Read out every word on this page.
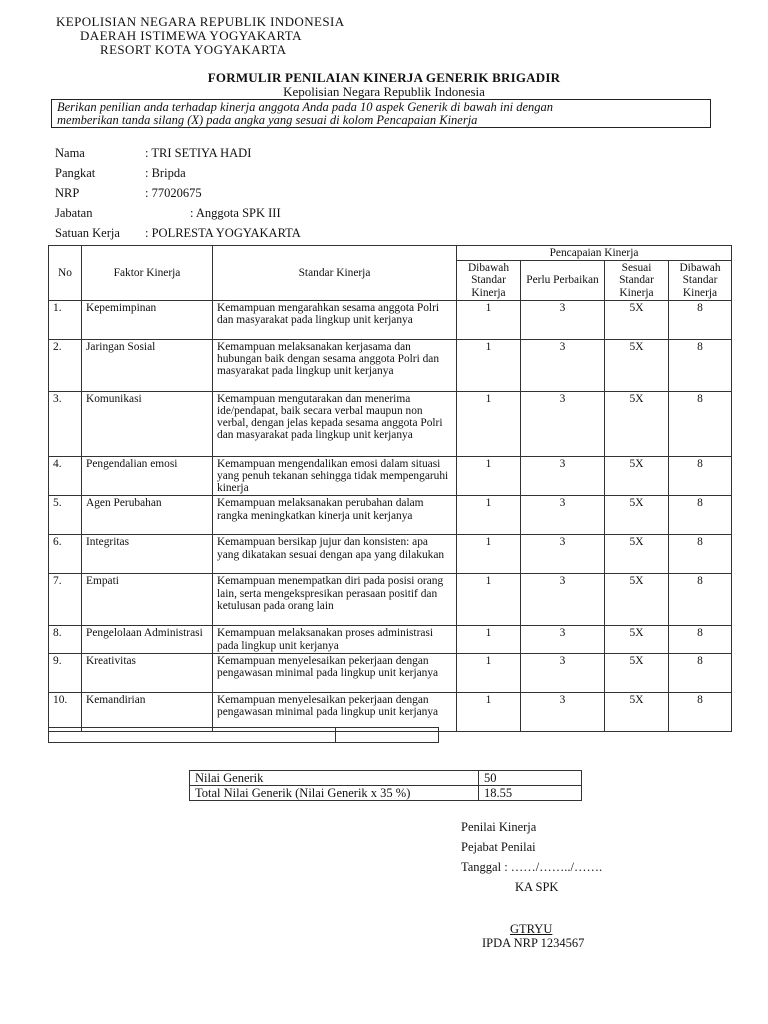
KEPOLISIAN NEGARA REPUBLIK INDONESIA
DAERAH ISTIMEWA YOGYAKARTA
RESORT KOTA YOGYAKARTA
FORMULIR PENILAIAN KINERJA GENERIK BRIGADIR
Kepolisian Negara Republik Indonesia
Berikan penilian anda terhadap kinerja anggota Anda pada 10 aspek Generik di bawah ini dengan
memberikan tanda silang (X) pada angka yang sesuai di kolom Pencapaian Kinerja
Nama	: TRI SETIYA HADI
Pangkat	: Bripda
NRP	: 77020675
Jabatan	: Anggota SPK III
Satuan Kerja : POLRESTA YOGYAKARTA
No	Faktor Kinerja	Standar Kinerja	Pencapaian Kinerja			
			Dibawah Standar Kinerja	Perlu Perbaikan	Sesuai Standar Kinerja	Dibawah Standar Kinerja
1.	Kepemimpinan	Kemampuan mengarahkan sesama anggota Polri dan masyarakat pada lingkup unit kerjanya	1	3	5X	8
2.	Jaringan Sosial	Kemampuan melaksanakan kerjasama dan hubungan baik dengan sesama anggota Polri dan masyarakat pada lingkup unit kerjanya	1	3	5X	8
3.	Komunikasi	Kemampuan mengutarakan dan menerima ide/pendapat, baik secara verbal maupun non verbal, dengan jelas kepada sesama anggota Polri dan masyarakat pada lingkup unit kerjanya	1	3	5X	8
4.	Pengendalian emosi	Kemampuan mengendalikan emosi dalam situasi yang penuh tekanan sehingga tidak mempengaruhi kinerja	1	3	5X	8
5.	Agen Perubahan	Kemampuan melaksanakan perubahan dalam rangka meningkatkan kinerja unit kerjanya	1	3	5X	8
6.	Integritas	Kemampuan bersikap jujur dan konsisten: apa yang dikatakan sesuai dengan apa yang dilakukan	1	3	5X	8
7.	Empati	Kemampuan menempatkan diri pada posisi orang lain, serta mengekspresikan perasaan positif dan ketulusan pada orang lain	1	3	5X	8
8.	Pengelolaan Administrasi	Kemampuan melaksanakan proses administrasi pada lingkup unit kerjanya	1	3	5X	8
9.	Kreativitas	Kemampuan menyelesaikan pekerjaan dengan pengawasan minimal pada lingkup unit kerjanya	1	3	5X	8
10.	Kemandirian	Kemampuan menyelesaikan pekerjaan dengan pengawasan minimal pada lingkup unit kerjanya	1	3	5X	8

Nilai Generik	50
Total Nilai Generik (Nilai Generik x 35 %)	18.55
Penilai Kinerja
Pejabat Penilai
Tanggal : ……/……../…….
KA SPK
GTRYU
IPDA NRP 1234567
